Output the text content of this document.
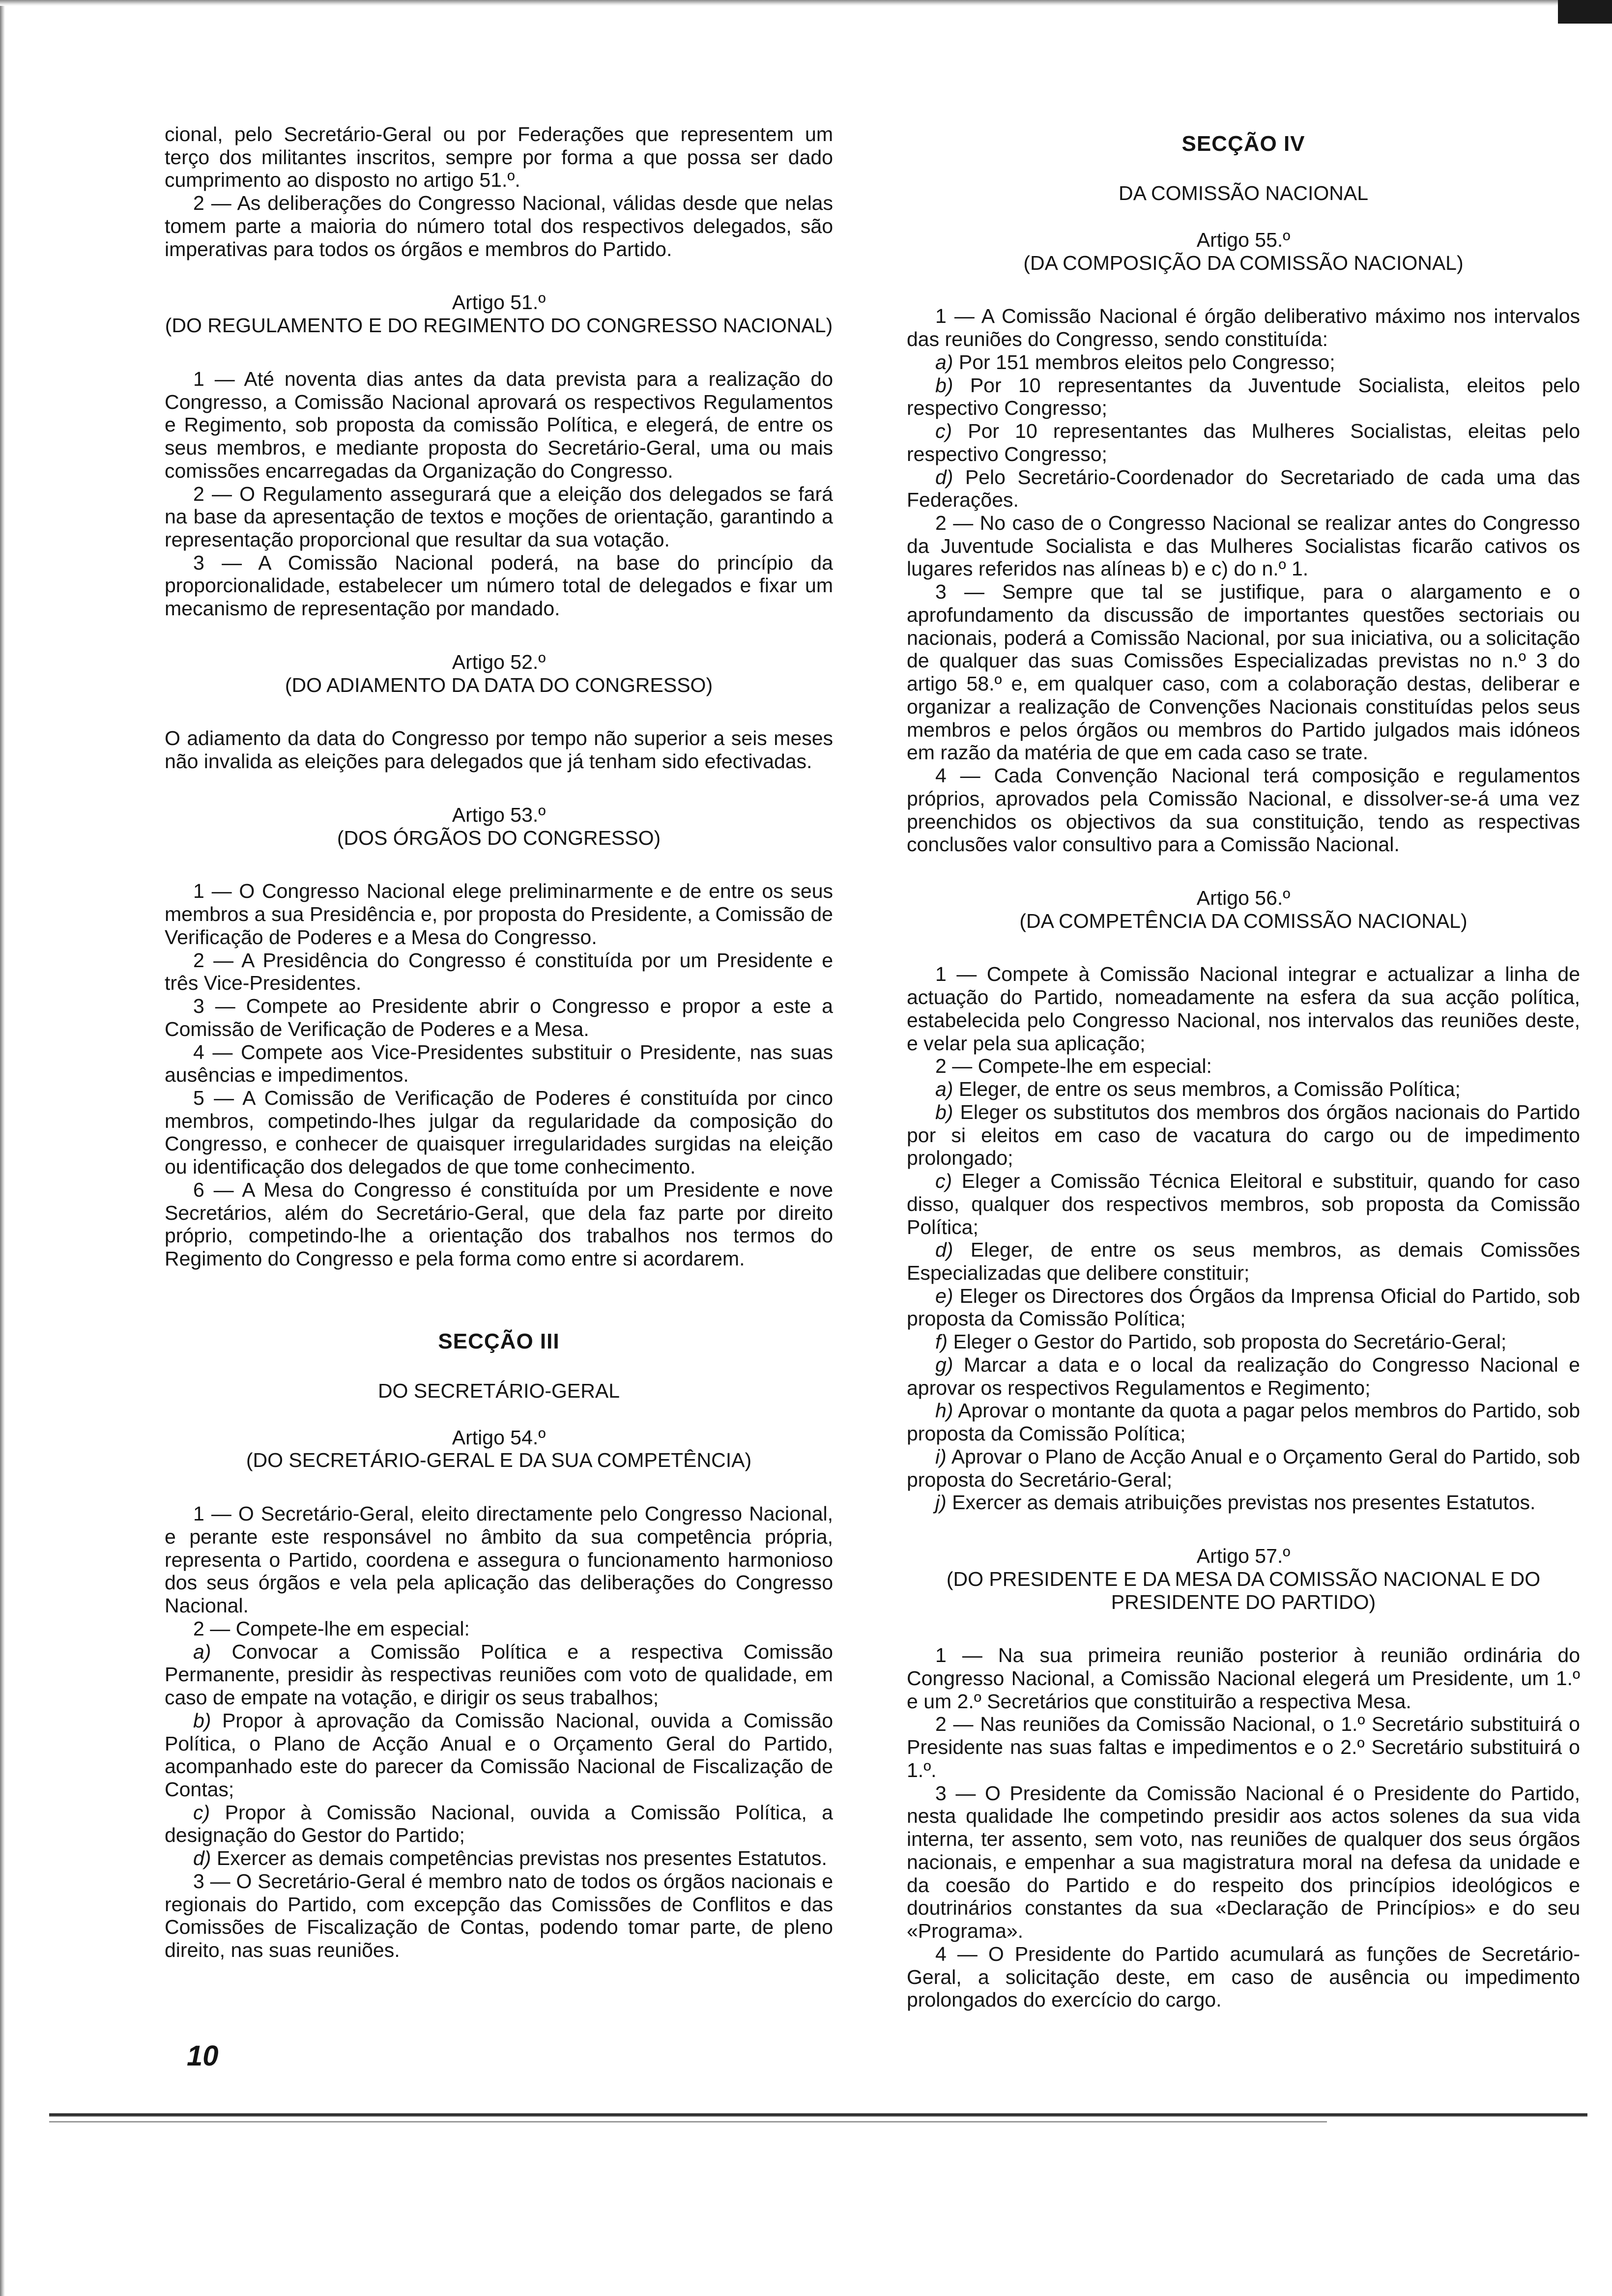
cional, pelo Secretário-Geral ou por Federações que representem um terço dos militantes inscritos, sempre por forma a que possa ser dado cumprimento ao disposto no artigo 51.º.

2 — As deliberações do Congresso Nacional, válidas desde que nelas tomem parte a maioria do número total dos respectivos delegados, são imperativas para todos os órgãos e membros do Partido.

Artigo 51.º
(DO REGULAMENTO E DO REGIMENTO DO CONGRESSO NACIONAL)

1 — Até noventa dias antes da data prevista para a realização do Congresso, a Comissão Nacional aprovará os respectivos Regulamentos e Regimento, sob proposta da comissão Política, e elegerá, de entre os seus membros, e mediante proposta do Secretário-Geral, uma ou mais comissões encarregadas da Organização do Congresso.

2 — O Regulamento assegurará que a eleição dos delegados se fará na base da apresentação de textos e moções de orientação, garantindo a representação proporcional que resultar da sua votação.

3 — A Comissão Nacional poderá, na base do princípio da proporcionalidade, estabelecer um número total de delegados e fixar um mecanismo de representação por mandado.

Artigo 52.º
(DO ADIAMENTO DA DATA DO CONGRESSO)

O adiamento da data do Congresso por tempo não superior a seis meses não invalida as eleições para delegados que já tenham sido efectivadas.

Artigo 53.º
(DOS ÓRGÃOS DO CONGRESSO)

1 — O Congresso Nacional elege preliminarmente e de entre os seus membros a sua Presidência e, por proposta do Presidente, a Comissão de Verificação de Poderes e a Mesa do Congresso.

2 — A Presidência do Congresso é constituída por um Presidente e três Vice-Presidentes.

3 — Compete ao Presidente abrir o Congresso e propor a este a Comissão de Verificação de Poderes e a Mesa.

4 — Compete aos Vice-Presidentes substituir o Presidente, nas suas ausências e impedimentos.

5 — A Comissão de Verificação de Poderes é constituída por cinco membros, competindo-lhes julgar da regularidade da composição do Congresso, e conhecer de quaisquer irregularidades surgidas na eleição ou identificação dos delegados de que tome conhecimento.

6 — A Mesa do Congresso é constituída por um Presidente e nove Secretários, além do Secretário-Geral, que dela faz parte por direito próprio, competindo-lhe a orientação dos trabalhos nos termos do Regimento do Congresso e pela forma como entre si acordarem.

SECÇÃO III
DO SECRETÁRIO-GERAL
Artigo 54.º
(DO SECRETÁRIO-GERAL E DA SUA COMPETÊNCIA)

1 — O Secretário-Geral, eleito directamente pelo Congresso Nacional, e perante este responsável no âmbito da sua competência própria, representa o Partido, coordena e assegura o funcionamento harmonioso dos seus órgãos e vela pela aplicação das deliberações do Congresso Nacional.

2 — Compete-lhe em especial:

a) Convocar a Comissão Política e a respectiva Comissão Permanente, presidir às respectivas reuniões com voto de qualidade, em caso de empate na votação, e dirigir os seus trabalhos;

b) Propor à aprovação da Comissão Nacional, ouvida a Comissão Política, o Plano de Acção Anual e o Orçamento Geral do Partido, acompanhado este do parecer da Comissão Nacional de Fiscalização de Contas;

c) Propor à Comissão Nacional, ouvida a Comissão Política, a designação do Gestor do Partido;

d) Exercer as demais competências previstas nos presentes Estatutos.

3 — O Secretário-Geral é membro nato de todos os órgãos nacionais e regionais do Partido, com excepção das Comissões de Conflitos e das Comissões de Fiscalização de Contas, podendo tomar parte, de pleno direito, nas suas reuniões.

SECÇÃO IV
DA COMISSÃO NACIONAL
Artigo 55.º
(DA COMPOSIÇÃO DA COMISSÃO NACIONAL)

1 — A Comissão Nacional é órgão deliberativo máximo nos intervalos das reuniões do Congresso, sendo constituída:

a) Por 151 membros eleitos pelo Congresso;

b) Por 10 representantes da Juventude Socialista, eleitos pelo respectivo Congresso;

c) Por 10 representantes das Mulheres Socialistas, eleitas pelo respectivo Congresso;

d) Pelo Secretário-Coordenador do Secretariado de cada uma das Federações.

2 — No caso de o Congresso Nacional se realizar antes do Congresso da Juventude Socialista e das Mulheres Socialistas ficarão cativos os lugares referidos nas alíneas b) e c) do n.º 1.

3 — Sempre que tal se justifique, para o alargamento e o aprofundamento da discussão de importantes questões sectoriais ou nacionais, poderá a Comissão Nacional, por sua iniciativa, ou a solicitação de qualquer das suas Comissões Especializadas previstas no n.º 3 do artigo 58.º e, em qualquer caso, com a colaboração destas, deliberar e organizar a realização de Convenções Nacionais constituídas pelos seus membros e pelos órgãos ou membros do Partido julgados mais idóneos em razão da matéria de que em cada caso se trate.

4 — Cada Convenção Nacional terá composição e regulamentos próprios, aprovados pela Comissão Nacional, e dissolver-se-á uma vez preenchidos os objectivos da sua constituição, tendo as respectivas conclusões valor consultivo para a Comissão Nacional.

Artigo 56.º
(DA COMPETÊNCIA DA COMISSÃO NACIONAL)

1 — Compete à Comissão Nacional integrar e actualizar a linha de actuação do Partido, nomeadamente na esfera da sua acção política, estabelecida pelo Congresso Nacional, nos intervalos das reuniões deste, e velar pela sua aplicação;

2 — Compete-lhe em especial:

a) Eleger, de entre os seus membros, a Comissão Política;

b) Eleger os substitutos dos membros dos órgãos nacionais do Partido por si eleitos em caso de vacatura do cargo ou de impedimento prolongado;

c) Eleger a Comissão Técnica Eleitoral e substituir, quando for caso disso, qualquer dos respectivos membros, sob proposta da Comissão Política;

d) Eleger, de entre os seus membros, as demais Comissões Especializadas que delibere constituir;

e) Eleger os Directores dos Órgãos da Imprensa Oficial do Partido, sob proposta da Comissão Política;

f) Eleger o Gestor do Partido, sob proposta do Secretário-Geral;

g) Marcar a data e o local da realização do Congresso Nacional e aprovar os respectivos Regulamentos e Regimento;

h) Aprovar o montante da quota a pagar pelos membros do Partido, sob proposta da Comissão Política;

i) Aprovar o Plano de Acção Anual e o Orçamento Geral do Partido, sob proposta do Secretário-Geral;

j) Exercer as demais atribuições previstas nos presentes Estatutos.

Artigo 57.º
(DO PRESIDENTE E DA MESA DA COMISSÃO NACIONAL E DO PRESIDENTE DO PARTIDO)

1 — Na sua primeira reunião posterior à reunião ordinária do Congresso Nacional, a Comissão Nacional elegerá um Presidente, um 1.º e um 2.º Secretários que constituirão a respectiva Mesa.

2 — Nas reuniões da Comissão Nacional, o 1.º Secretário substituirá o Presidente nas suas faltas e impedimentos e o 2.º Secretário substituirá o 1.º.

3 — O Presidente da Comissão Nacional é o Presidente do Partido, nesta qualidade lhe competindo presidir aos actos solenes da sua vida interna, ter assento, sem voto, nas reuniões de qualquer dos seus órgãos nacionais, e empenhar a sua magistratura moral na defesa da unidade e da coesão do Partido e do respeito dos princípios ideológicos e doutrinários constantes da sua «Declaração de Princípios» e do seu «Programa».

4 — O Presidente do Partido acumulará as funções de Secretário-Geral, a solicitação deste, em caso de ausência ou impedimento prolongados do exercício do cargo.

10
